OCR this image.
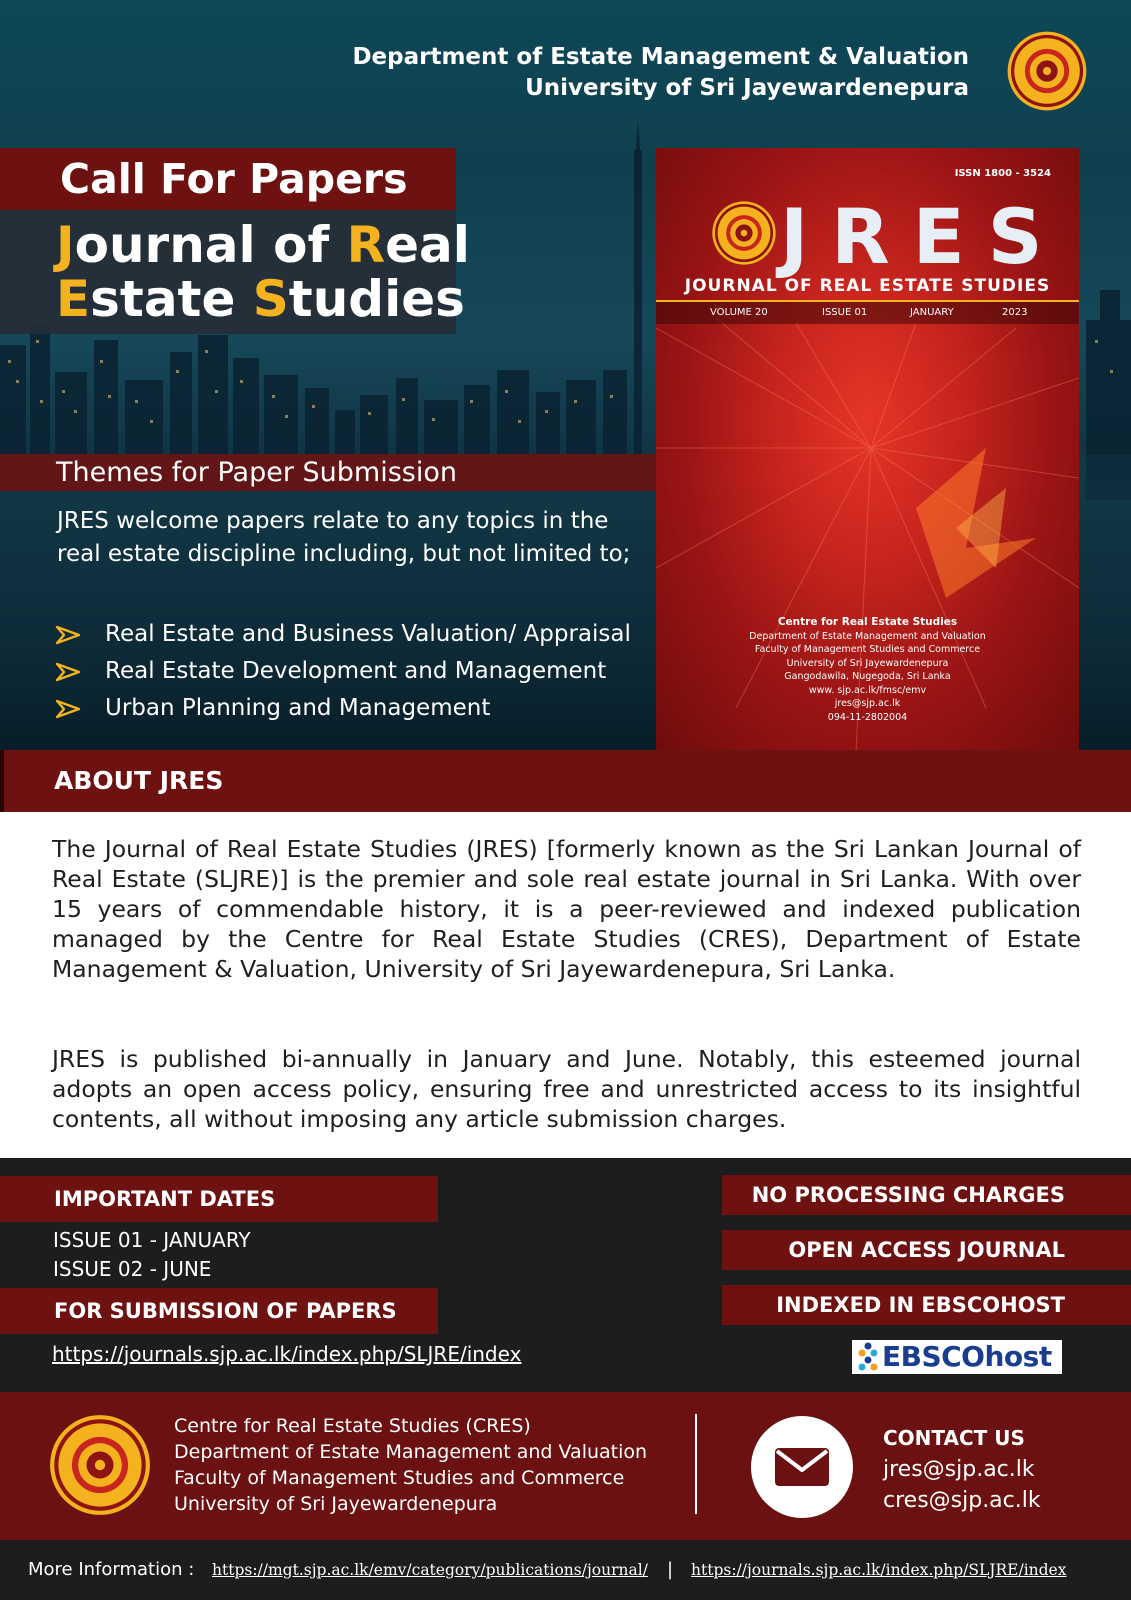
Department of Estate Management & Valuation
University of Sri Jayewardenepura
Call For Papers
Journal of Real
Estate Studies
Themes for Paper Submission
JRES welcome papers relate to any topics in the real estate discipline including, but not limited to;
Real Estate and Business Valuation/ Appraisal
Real Estate Development and Management
Urban Planning and Management
ISSN 1800 - 3524
JRES
JOURNAL OF REAL ESTATE STUDIES
VOLUME 20	ISSUE 01	JANUARY	2023
Centre for Real Estate Studies
Department of Estate Management and Valuation
Faculty of Management Studies and Commerce
University of Sri Jayewardenepura
Gangodawila, Nugegoda, Sri Lanka
www. sjp.ac.lk/fmsc/emv
jres@sjp.ac.lk
094-11-2802004
ABOUT JRES

The Journal of Real Estate Studies (JRES) [formerly known as the Sri Lankan Journal of Real Estate (SLJRE)] is the premier and sole real estate journal in Sri Lanka. With over 15 years of commendable history, it is a peer-reviewed and indexed publication managed by the Centre for Real Estate Studies (CRES), Department of Estate Management & Valuation, University of Sri Jayewardenepura, Sri Lanka.

JRES is published bi-annually in January and June. Notably, this esteemed journal adopts an open access policy, ensuring free and unrestricted access to its insightful contents, all without imposing any article submission charges.

IMPORTANT DATES
ISSUE 01 - JANUARY
ISSUE 02 - JUNE
FOR SUBMISSION OF PAPERS
https://journals.sjp.ac.lk/index.php/SLJRE/index
NO PROCESSING CHARGES
OPEN ACCESS JOURNAL
INDEXED IN EBSCOHOST
EBSCOhost
Centre for Real Estate Studies (CRES)
Department of Estate Management and Valuation
Faculty of Management Studies and Commerce
University of Sri Jayewardenepura
CONTACT US
jres@sjp.ac.lk
cres@sjp.ac.lk
More Information : https://mgt.sjp.ac.lk/emv/category/publications/journal/ | https://journals.sjp.ac.lk/index.php/SLJRE/index
